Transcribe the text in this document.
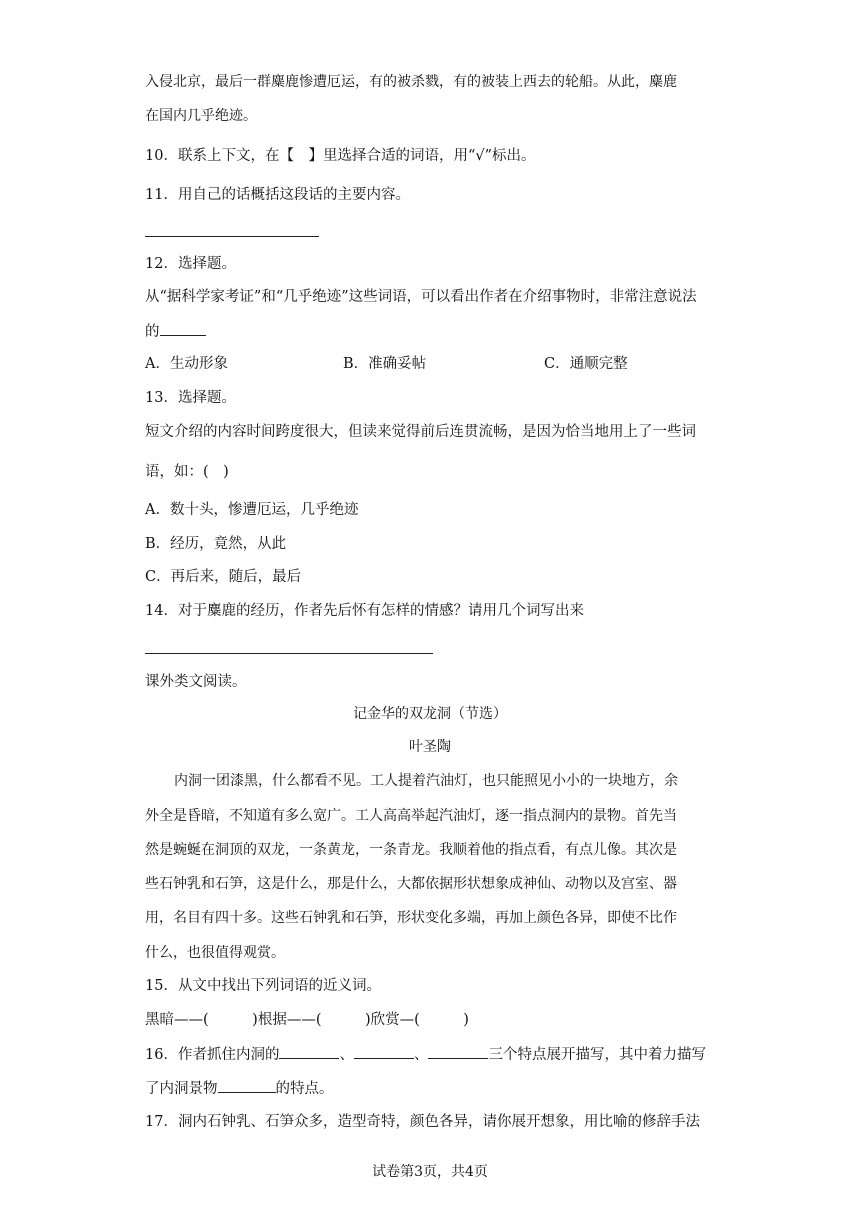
入侵北京，最后一群麋鹿惨遭厄运，有的被杀戮，有的被装上西去的轮船。从此，麋鹿
在国内几乎绝迹。
10．联系上下文，在【　】里选择合适的词语，用“√”标出。
11．用自己的话概括这段话的主要内容。
12．选择题。
从“据科学家考证”和“几乎绝迹”这些词语，可以看出作者在介绍事物时，非常注意说法
的
A．生动形象	B．准确妥帖	C．通顺完整
13．选择题。
短文介绍的内容时间跨度很大，但读来觉得前后连贯流畅，是因为恰当地用上了一些词
语，如：(　)
A．数十头，惨遭厄运，几乎绝迹
B．经历，竟然，从此
C．再后来，随后，最后
14．对于麋鹿的经历，作者先后怀有怎样的情感？请用几个词写出来
课外类文阅读。
记金华的双龙洞（节选）
叶圣陶
内洞一团漆黑，什么都看不见。工人提着汽油灯，也只能照见小小的一块地方，余
外全是昏暗，不知道有多么宽广。工人高高举起汽油灯，逐一指点洞内的景物。首先当
然是蜿蜒在洞顶的双龙，一条黄龙，一条青龙。我顺着他的指点看，有点儿像。其次是
些石钟乳和石笋，这是什么，那是什么，大都依据形状想象成神仙、动物以及宫室、器
用，名目有四十多。这些石钟乳和石笋，形状变化多端，再加上颜色各异，即使不比作
什么，也很值得观赏。
15．从文中找出下列词语的近义词。
黑暗——(　　　)根据——(　　　)欣赏—(　　　)
16．作者抓住内洞的	、	、	三个特点展开描写，其中着力描写
了内洞景物	的特点。
17．洞内石钟乳、石笋众多，造型奇特，颜色各异，请你展开想象，用比喻的修辞手法
试卷第3页，共4页
